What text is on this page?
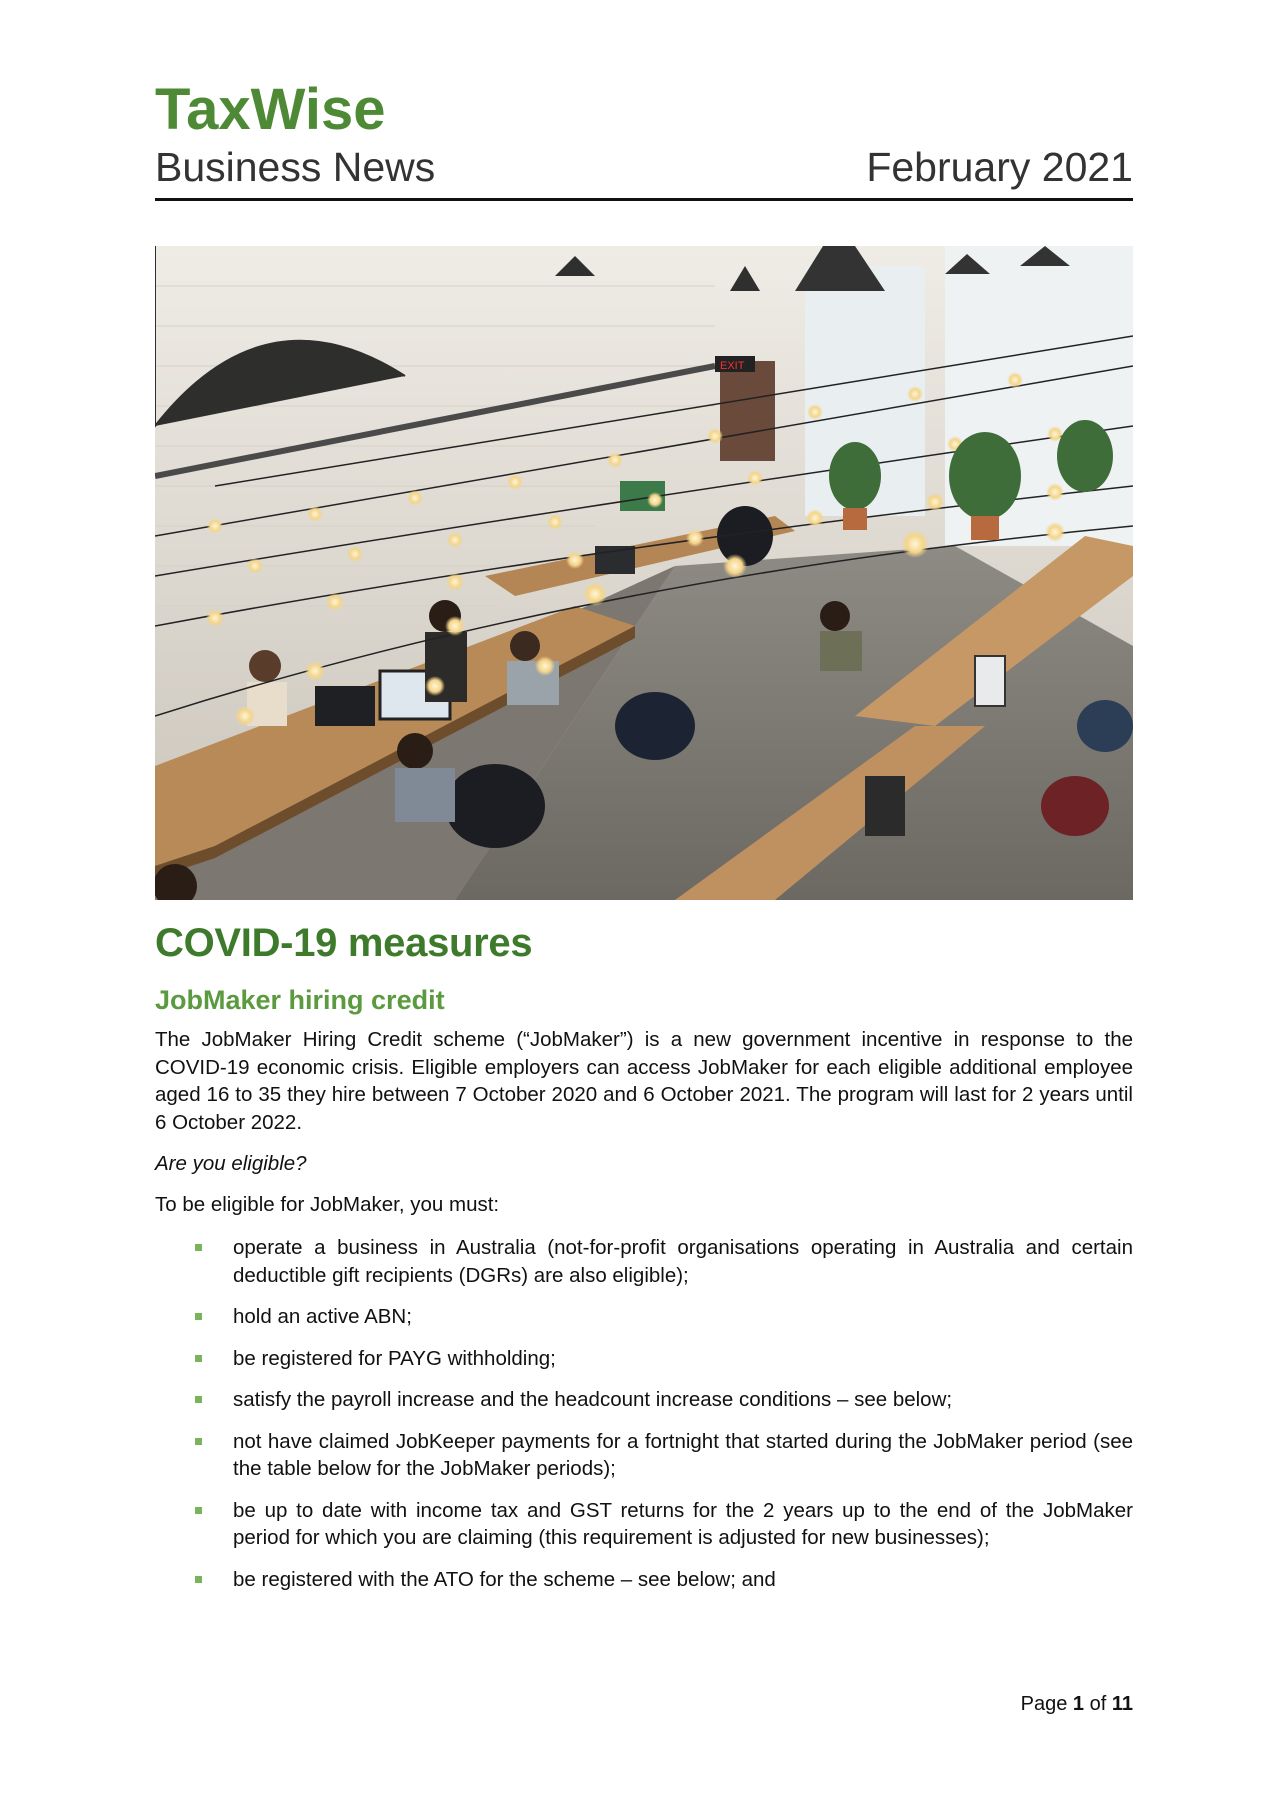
TaxWise
Business News	February 2021
EXIT
COVID-19 measures
JobMaker hiring credit

The JobMaker Hiring Credit scheme (“JobMaker”) is a new government incentive in response to the COVID-19 economic crisis. Eligible employers can access JobMaker for each eligible additional employee aged 16 to 35 they hire between 7 October 2020 and 6 October 2021. The program will last for 2 years until 6 October 2022.

Are you eligible?

To be eligible for JobMaker, you must:

operate a business in Australia (not-for-profit organisations operating in Australia and certain deductible gift recipients (DGRs) are also eligible);
hold an active ABN;
be registered for PAYG withholding;
satisfy the payroll increase and the headcount increase conditions – see below;
not have claimed JobKeeper payments for a fortnight that started during the JobMaker period (see the table below for the JobMaker periods);
be up to date with income tax and GST returns for the 2 years up to the end of the JobMaker period for which you are claiming (this requirement is adjusted for new businesses);
be registered with the ATO for the scheme – see below; and
Page 1 of 11
